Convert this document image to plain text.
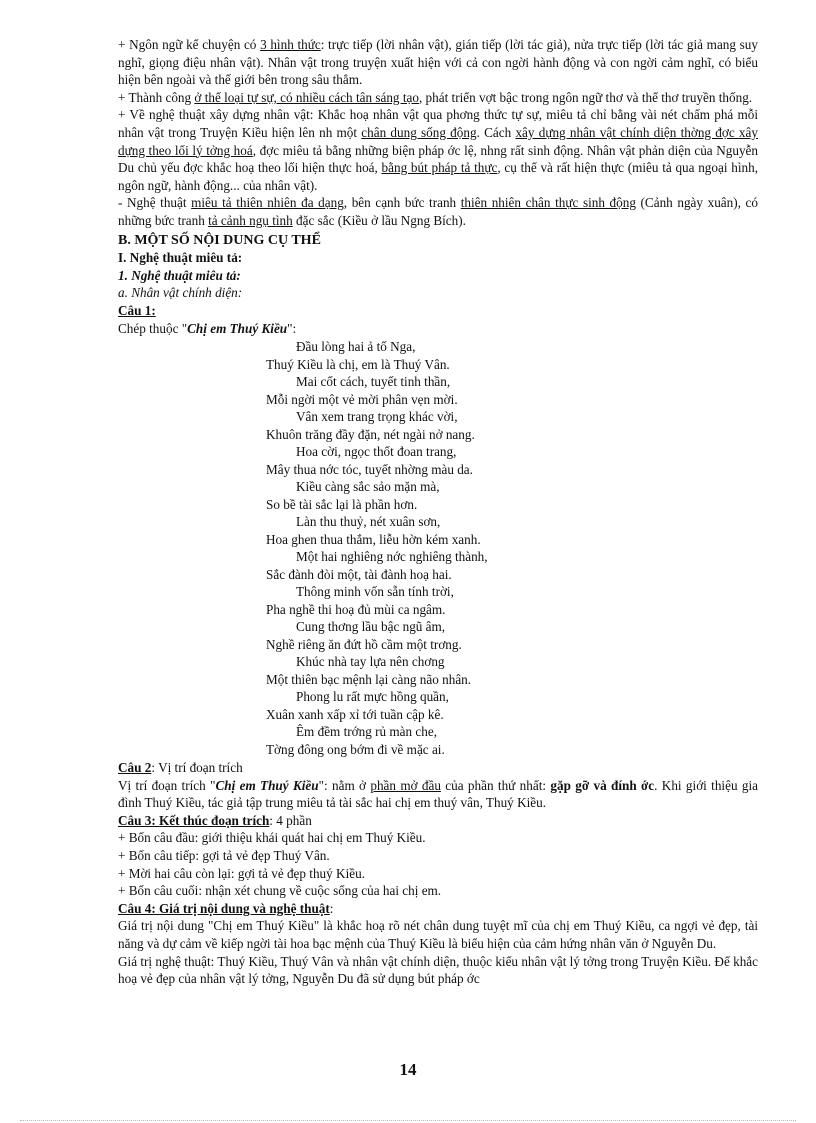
+ Ngôn ngữ kể chuyện có 3 hình thức: trực tiếp (lời nhân vật), gián tiếp (lời tác giả), nửa trực tiếp (lời tác giả mang suy nghĩ, giọng điệu nhân vật). Nhân vật trong truyện xuất hiện với cả con ngời hành động và con ngời cảm nghĩ, có biểu hiện bên ngoài và thế giới bên trong sâu thẳm.

+ Thành công ở thể loại tự sự, có nhiều cách tân sáng tạo, phát triển vợt bậc trong ngôn ngữ thơ và thể thơ truyền thống.

+ Về nghệ thuật xây dựng nhân vật: Khắc hoạ nhân vật qua phơng thức tự sự, miêu tả chỉ bằng vài nét chấm phá mỗi nhân vật trong Truyện Kiều hiện lên nh một chân dung sống động. Cách xây dựng nhân vật chính diện thờng đợc xây dựng theo lối lý tởng hoá, đợc miêu tả bằng những biện pháp ớc lệ, nhng rất sinh động. Nhân vật phản diện của Nguyễn Du chủ yếu đợc khắc hoạ theo lối hiện thực hoá, bằng bút pháp tả thực, cụ thể và rất hiện thực (miêu tả qua ngoại hình, ngôn ngữ, hành động... của nhân vật).

- Nghệ thuật miêu tả thiên nhiên đa dạng, bên cạnh bức tranh thiên nhiên chân thực sinh động (Cảnh ngày xuân), có những bức tranh tả cảnh ngụ tình đặc sắc (Kiều ở lầu Ngng Bích).

B. MỘT SỐ NỘI DUNG CỤ THỂ

I. Nghệ thuật miêu tả:

1. Nghệ thuật miêu tả:

a. Nhân vật chính diện:

Câu 1:

Chép thuộc "Chị em Thuý Kiều":

Đầu lòng hai ả tố Nga,

Thuý Kiều là chị, em là Thuý Vân.

Mai cốt cách, tuyết tinh thần,

Mỗi ngời một vẻ mời phân vẹn mời.

Vân xem trang trọng khác vời,

Khuôn trăng đầy đặn, nét ngài nở nang.

Hoa cời, ngọc thốt đoan trang,

Mây thua nớc tóc, tuyết nhờng màu da.

Kiều càng sắc sảo mặn mà,

So bề tài sắc lại là phần hơn.

Làn thu thuỷ, nét xuân sơn,

Hoa ghen thua thắm, liễu hờn kém xanh.

Một hai nghiêng nớc nghiêng thành,

Sắc đành đòi một, tài đành hoạ hai.

Thông minh vốn sẵn tính trời,

Pha nghề thi hoạ đủ mùi ca ngâm.

Cung thơng lầu bậc ngũ âm,

Nghề riêng ăn đứt hồ cầm một trơng.

Khúc nhà tay lựa nên chơng

Một thiên bạc mệnh lại càng não nhân.

Phong lu rất mực hồng quần,

Xuân xanh xấp xỉ tới tuần cập kê.

Êm đềm trớng rủ màn che,

Tờng đông ong bớm đi về mặc ai.

Câu 2: Vị trí đoạn trích

Vị trí đoạn trích "Chị em Thuý Kiều": nằm ở phần mở đầu của phần thứ nhất: gặp gỡ và đính ớc. Khi giới thiệu gia đình Thuý Kiều, tác giả tập trung miêu tả tài sắc hai chị em thuý vân, Thuý Kiều.

Câu 3: Kết thúc đoạn trích: 4 phần

+ Bốn câu đầu: giới thiệu khái quát hai chị em Thuý Kiều.

+ Bốn câu tiếp: gợi tả vẻ đẹp Thuý Vân.

+ Mời hai câu còn lại: gợi tả vẻ đẹp thuý Kiều.

+ Bốn câu cuối: nhận xét chung về cuộc sống của hai chị em.

Câu 4: Giá trị nội dung và nghệ thuật:

Giá trị nội dung "Chị em Thuý Kiều" là khắc hoạ rõ nét chân dung tuyệt mĩ của chị em Thuý Kiều, ca ngợi vẻ đẹp, tài năng và dự cảm về kiếp ngời tài hoa bạc mệnh của Thuý Kiều là biểu hiện của cảm hứng nhân văn ở Nguyễn Du.

Giá trị nghệ thuật: Thuý Kiều, Thuý Vân và nhân vật chính diện, thuộc kiểu nhân vật lý tởng trong Truyện Kiều. Để khắc hoạ vẻ đẹp của nhân vật lý tởng, Nguyễn Du đã sử dụng bút pháp ớc

14
